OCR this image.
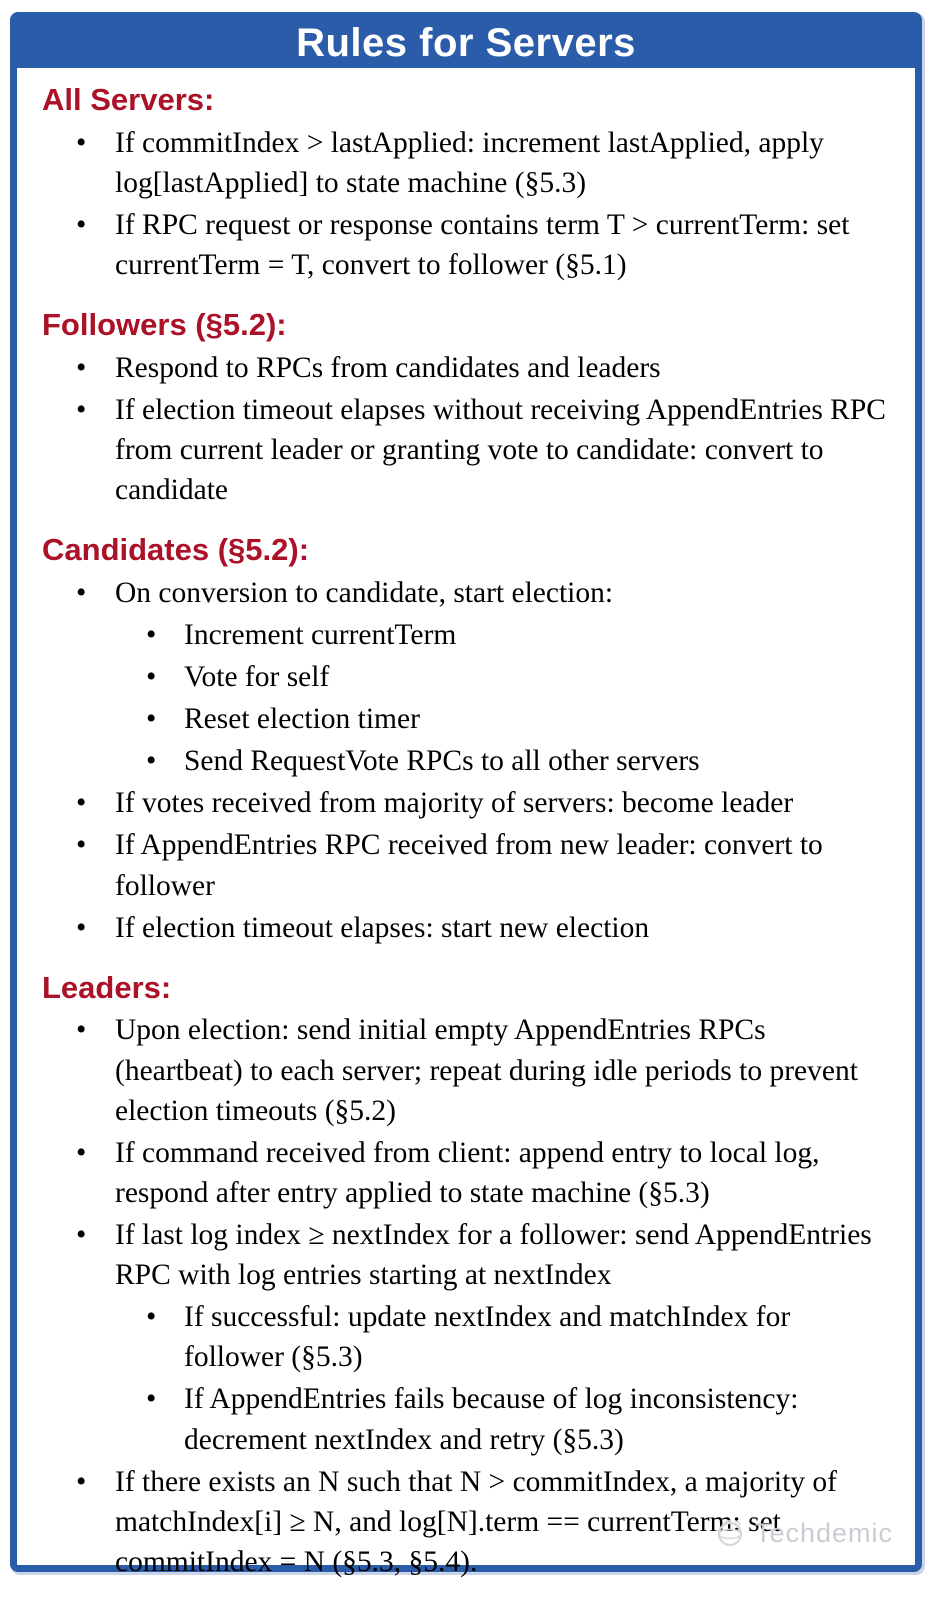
Rules for Servers
All Servers:
• If commitIndex > lastApplied: increment lastApplied, apply log[lastApplied] to state machine (§5.3)
• If RPC request or response contains term T > currentTerm: set currentTerm = T, convert to follower (§5.1)
Followers (§5.2):
• Respond to RPCs from candidates and leaders
• If election timeout elapses without receiving AppendEntries RPC from current leader or granting vote to candidate: convert to candidate
Candidates (§5.2):
• On conversion to candidate, start election:
• Increment currentTerm
• Vote for self
• Reset election timer
• Send RequestVote RPCs to all other servers
• If votes received from majority of servers: become leader
• If AppendEntries RPC received from new leader: convert to follower
• If election timeout elapses: start new election
Leaders:
• Upon election: send initial empty AppendEntries RPCs (heartbeat) to each server; repeat during idle periods to prevent election timeouts (§5.2)
• If command received from client: append entry to local log, respond after entry applied to state machine (§5.3)
• If last log index ≥ nextIndex for a follower: send AppendEntries RPC with log entries starting at nextIndex
• If successful: update nextIndex and matchIndex for follower (§5.3)
• If AppendEntries fails because of log inconsistency: decrement nextIndex and retry (§5.3)
• If there exists an N such that N > commitIndex, a majority of matchIndex[i] ≥ N, and log[N].term == currentTerm: set commitIndex = N (§5.3, §5.4).
Techdemic
